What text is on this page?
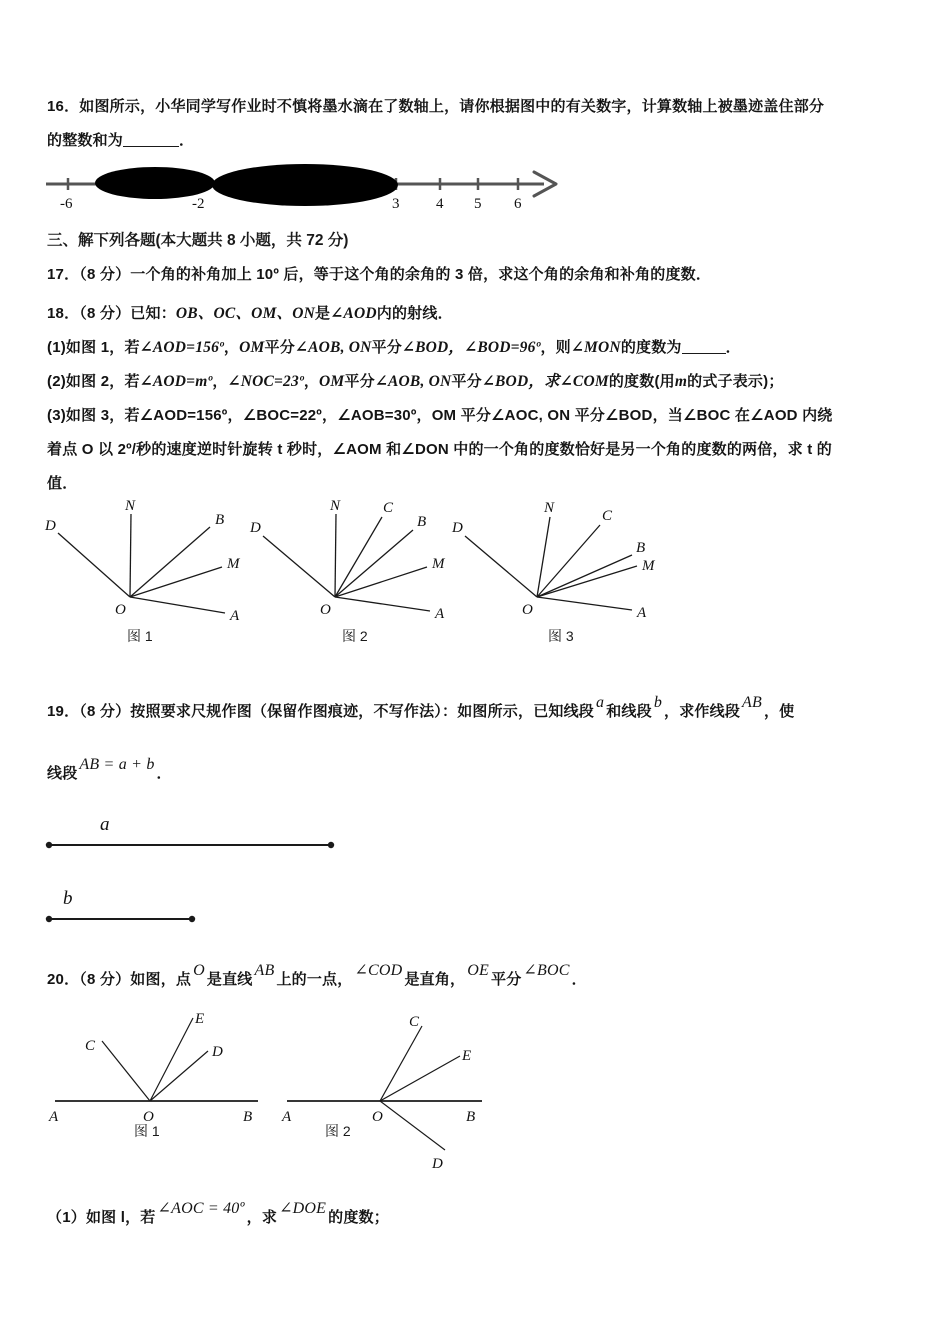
16．如图所示，小华同学写作业时不慎将墨水滴在了数轴上，请你根据图中的有关数字，计算数轴上被墨迹盖住部分
的整数和为	．
-6	-2	3 4 5 6
三、解下列各题(本大题共 8 小题，共 72 分)
17．（8 分）一个角的补角加上 10º 后，等于这个角的余角的 3 倍，求这个角的余角和补角的度数．
18．（8 分）已知：OB、OC、OM、ON是∠AOD内的射线．
(1)如图 1，若∠AOD=156º，OM平分∠AOB, ON平分∠BOD，∠BOD=96º，则∠MON的度数为	．
(2)如图 2，若∠AOD=mº，∠NOC=23º，OM平分∠AOB, ON平分∠BOD，求∠COM的度数(用m的式子表示)；
(3)如图 3，若∠AOD=156º，∠BOC=22º，∠AOB=30º，OM 平分∠AOC, ON 平分∠BOD，当∠BOC 在∠AOD 内绕
着点 O 以 2º/秒的速度逆时针旋转 t 秒时，∠AOM 和∠DON 中的一个角的度数恰好是另一个角的度数的两倍，求 t 的
值．
D
N
B
M
A
O
图 1
D
N	C
B
M
A
O
图 2
D
N	C
B
M
A
O
图 3
19．（8 分）按照要求尺规作图（保留作图痕迹，不写作法）：如图所示，已知线段a和线段b，求作线段AB，使
线段AB = a + b．
a
b
20．（8 分）如图，点O是直线AB上的一点，∠COD是直角，OE平分∠BOC．
C
E
D
A	B
O
图 1
C
E
D
A	B
O
图 2
（1）如图 l，若∠AOC = 40º，求∠DOE的度数；
